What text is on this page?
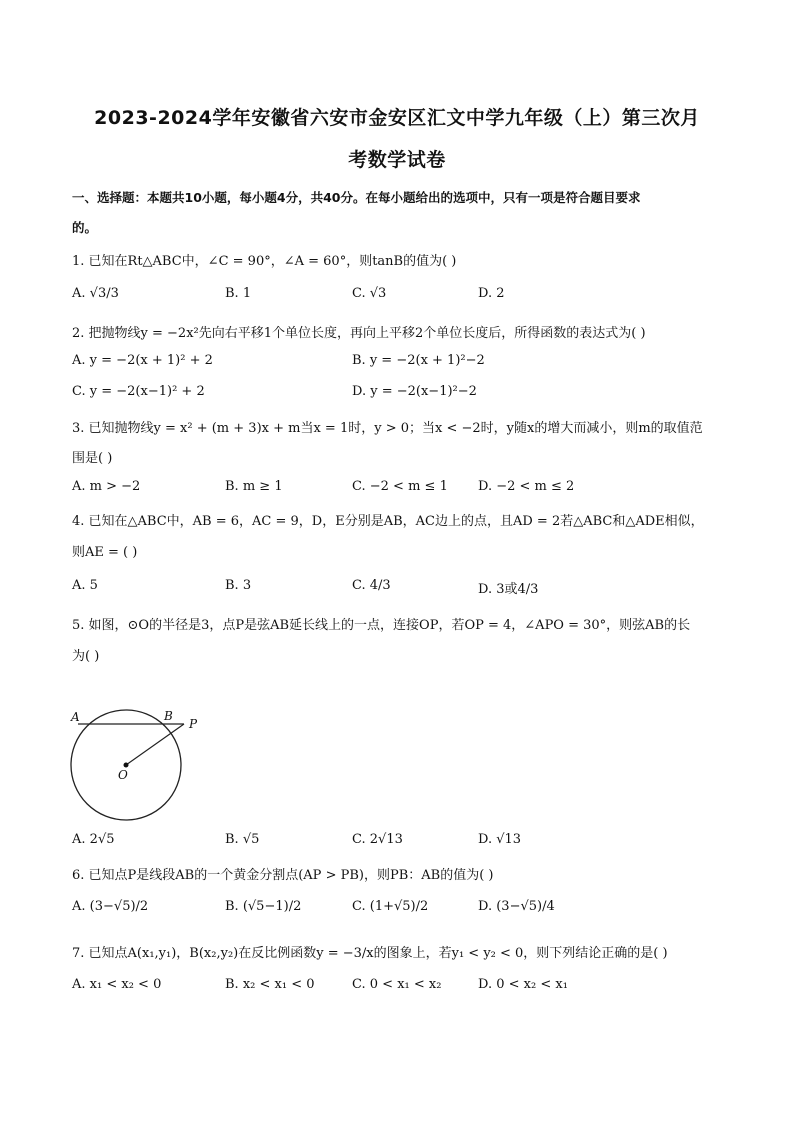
2023-2024学年安徽省六安市金安区汇文中学九年级（上）第三次月
考数学试卷
一、选择题：本题共10小题，每小题4分，共40分。在每小题给出的选项中，只有一项是符合题目要求
的。
1. 已知在Rt△ABC中，∠C = 90°，∠A = 60°，则tanB的值为( )
A. √3/3	B. 1	C. √3	D. 2
2. 把抛物线y = −2x²先向右平移1个单位长度，再向上平移2个单位长度后，所得函数的表达式为( )
A. y = −2(x + 1)² + 2	B. y = −2(x + 1)²−2
C. y = −2(x−1)² + 2	D. y = −2(x−1)²−2
3. 已知抛物线y = x² + (m + 3)x + m当x = 1时，y > 0；当x < −2时，y随x的增大而减小，则m的取值范
围是( )
A. m > −2	B. m ≥ 1	C. −2 < m ≤ 1 D. −2 < m ≤ 2
4. 已知在△ABC中，AB = 6，AC = 9，D，E分别是AB，AC边上的点，且AD = 2若△ABC和△ADE相似，
则AE = ( )
A. 5	B. 3	C. 4/3	D. 3或4/3
5. 如图，⊙O的半径是3，点P是弦AB延长线上的一点，连接OP，若OP = 4，∠APO = 30°，则弦AB的长
为( )
A	B
P
O
A. 2√5	B. √5	C. 2√13	D. √13
6. 已知点P是线段AB的一个黄金分割点(AP > PB)，则PB：AB的值为( )
A. (3−√5)/2	B. (√5−1)/2	C. (1+√5)/2	D. (3−√5)/4
7. 已知点A(x₁,y₁)，B(x₂,y₂)在反比例函数y = −3/x的图象上，若y₁ < y₂ < 0，则下列结论正确的是( )
A. x₁ < x₂ < 0	B. x₂ < x₁ < 0	C. 0 < x₁ < x₂	D. 0 < x₂ < x₁
